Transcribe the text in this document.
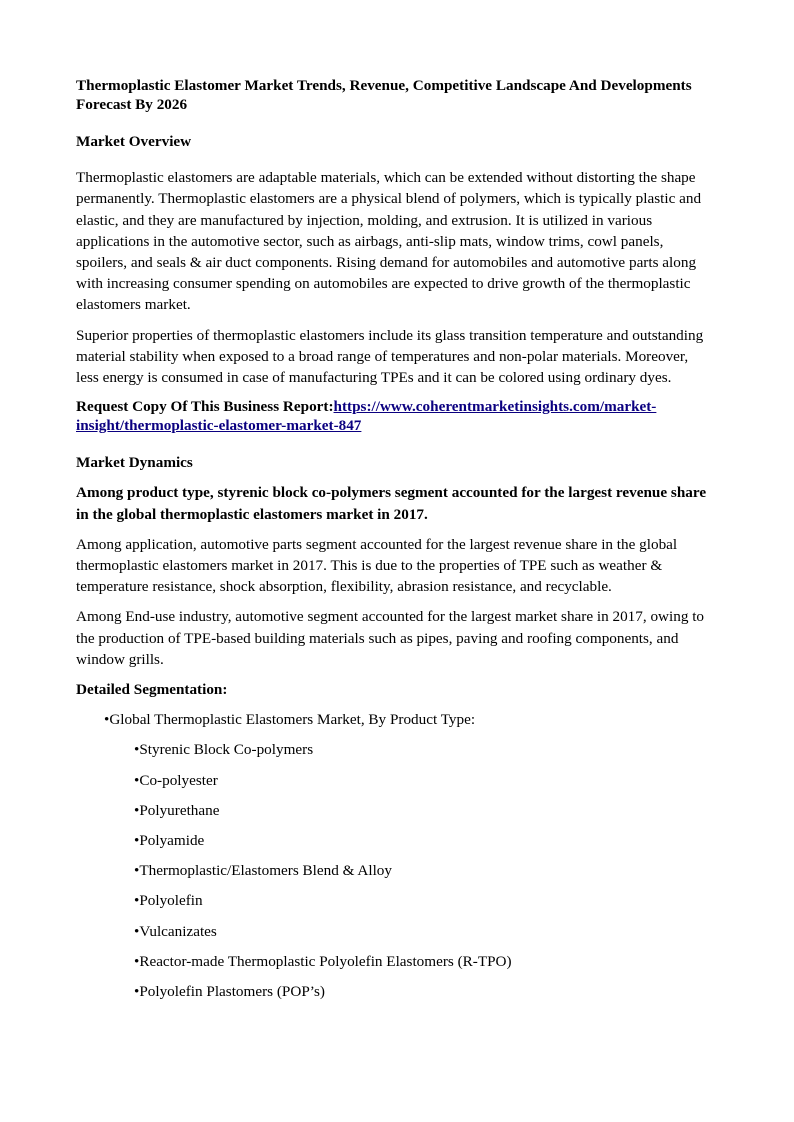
Thermoplastic Elastomer Market Trends, Revenue, Competitive Landscape And Developments Forecast By 2026

Market Overview

Thermoplastic elastomers are adaptable materials, which can be extended without distorting the shape permanently. Thermoplastic elastomers are a physical blend of polymers, which is typically plastic and elastic, and they are manufactured by injection, molding, and extrusion. It is utilized in various applications in the automotive sector, such as airbags, anti-slip mats, window trims, cowl panels, spoilers, and seals & air duct components. Rising demand for automobiles and automotive parts along with increasing consumer spending on automobiles are expected to drive growth of the thermoplastic elastomers market.

Superior properties of thermoplastic elastomers include its glass transition temperature and outstanding material stability when exposed to a broad range of temperatures and non-polar materials. Moreover, less energy is consumed in case of manufacturing TPEs and it can be colored using ordinary dyes.

Request Copy Of This Business Report:https://www.coherentmarketinsights.com/market-
insight/thermoplastic-elastomer-market-847

Market Dynamics

Among product type, styrenic block co-polymers segment accounted for the largest revenue share in the global thermoplastic elastomers market in 2017.

Among application, automotive parts segment accounted for the largest revenue share in the global thermoplastic elastomers market in 2017. This is due to the properties of TPE such as weather & temperature resistance, shock absorption, flexibility, abrasion resistance, and recyclable.

Among End-use industry, automotive segment accounted for the largest market share in 2017, owing to the production of TPE-based building materials such as pipes, paving and roofing components, and window grills.

Detailed Segmentation:

•Global Thermoplastic Elastomers Market, By Product Type:

•Styrenic Block Co-polymers

•Co-polyester

•Polyurethane

•Polyamide

•Thermoplastic/Elastomers Blend & Alloy

•Polyolefin

•Vulcanizates

•Reactor-made Thermoplastic Polyolefin Elastomers (R-TPO)

•Polyolefin Plastomers (POP’s)
